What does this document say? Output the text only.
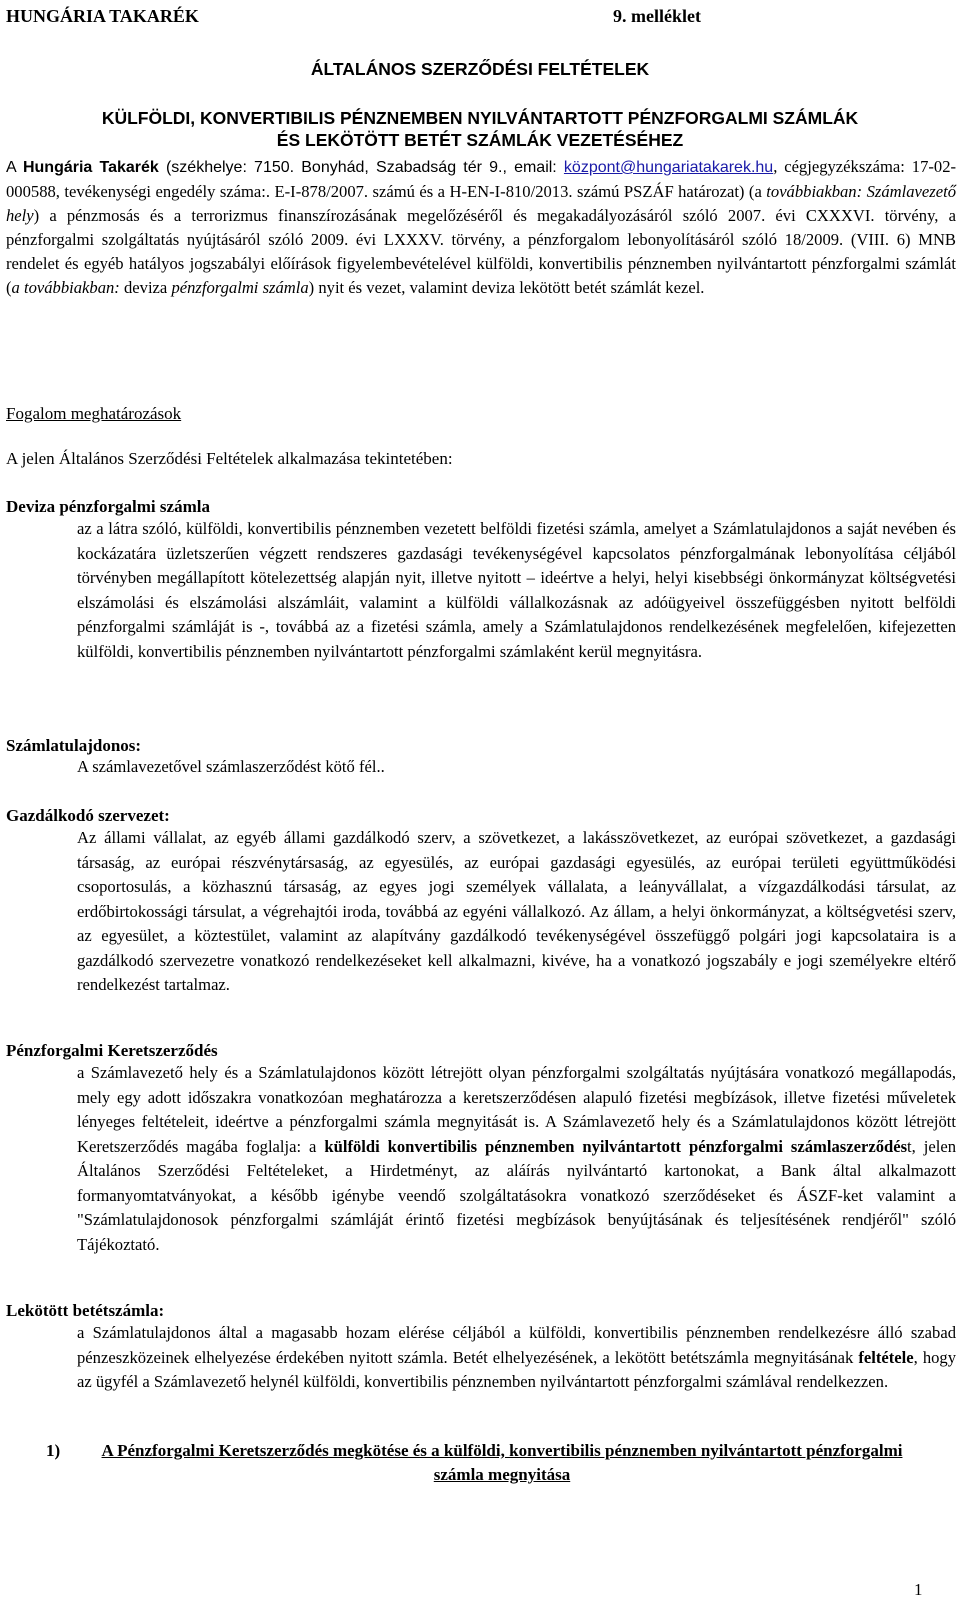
HUNGÁRIA TAKARÉK	9. melléklet
ÁLTALÁNOS SZERZŐDÉSI FELTÉTELEK
KÜLFÖLDI, KONVERTIBILIS PÉNZNEMBEN NYILVÁNTARTOTT PÉNZFORGALMI SZÁMLÁK
ÉS LEKÖTÖTT BETÉT SZÁMLÁK VEZETÉSÉHEZ
A Hungária Takarék (székhelye: 7150. Bonyhád, Szabadság tér 9., email: központ@hungariatakarek.hu, cégjegyzékszáma: 17-02-000588, tevékenységi engedély száma:. E-I-878/2007. számú és a H-EN-I-810/2013. számú PSZÁF határozat) (a továbbiakban: Számlavezető hely) a pénzmosás és a terrorizmus finanszírozásának megelőzéséről és megakadályozásáról szóló 2007. évi CXXXVI. törvény, a pénzforgalmi szolgáltatás nyújtásáról szóló 2009. évi LXXXV. törvény, a pénzforgalom lebonyolításáról szóló 18/2009. (VIII. 6) MNB rendelet és egyéb hatályos jogszabályi előírások figyelembevételével külföldi, konvertibilis pénznemben nyilvántartott pénzforgalmi számlát (a továbbiakban: deviza pénzforgalmi számla) nyit és vezet, valamint deviza lekötött betét számlát kezel.
Fogalom meghatározások
A jelen Általános Szerződési Feltételek alkalmazása tekintetében:
Deviza pénzforgalmi számla
az a látra szóló, külföldi, konvertibilis pénznemben vezetett belföldi fizetési számla, amelyet a Számlatulajdonos a saját nevében és kockázatára üzletszerűen végzett rendszeres gazdasági tevékenységével kapcsolatos pénzforgalmának lebonyolítása céljából törvényben megállapított kötelezettség alapján nyit, illetve nyitott – ideértve a helyi, helyi kisebbségi önkormányzat költségvetési elszámolási és elszámolási alszámláit, valamint a külföldi vállalkozásnak az adóügyeivel összefüggésben nyitott belföldi pénzforgalmi számláját is -, továbbá az a fizetési számla, amely a Számlatulajdonos rendelkezésének megfelelően, kifejezetten külföldi, konvertibilis pénznemben nyilvántartott pénzforgalmi számlaként kerül megnyitásra.
Számlatulajdonos:
A számlavezetővel számlaszerződést kötő fél..
Gazdálkodó szervezet:
Az állami vállalat, az egyéb állami gazdálkodó szerv, a szövetkezet, a lakásszövetkezet, az európai szövetkezet, a gazdasági társaság, az európai részvénytársaság, az egyesülés, az európai gazdasági egyesülés, az európai területi együttműködési csoportosulás, a közhasznú társaság, az egyes jogi személyek vállalata, a leányvállalat, a vízgazdálkodási társulat, az erdőbirtokossági társulat, a végrehajtói iroda, továbbá az egyéni vállalkozó. Az állam, a helyi önkormányzat, a költségvetési szerv, az egyesület, a köztestület, valamint az alapítvány gazdálkodó tevékenységével összefüggő polgári jogi kapcsolataira is a gazdálkodó szervezetre vonatkozó rendelkezéseket kell alkalmazni, kivéve, ha a vonatkozó jogszabály e jogi személyekre eltérő rendelkezést tartalmaz.
Pénzforgalmi Keretszerződés
a Számlavezető hely és a Számlatulajdonos között létrejött olyan pénzforgalmi szolgáltatás nyújtására vonatkozó megállapodás, mely egy adott időszakra vonatkozóan meghatározza a keretszerződésen alapuló fizetési megbízások, illetve fizetési műveletek lényeges feltételeit, ideértve a pénzforgalmi számla megnyitását is. A Számlavezető hely és a Számlatulajdonos között létrejött Keretszerződés magába foglalja: a külföldi konvertibilis pénznemben nyilvántartott pénzforgalmi számlaszerződést, jelen Általános Szerződési Feltételeket, a Hirdetményt, az aláírás nyilvántartó kartonokat, a Bank által alkalmazott formanyomtatványokat, a később igénybe veendő szolgáltatásokra vonatkozó szerződéseket és ÁSZF-ket valamint a "Számlatulajdonosok pénzforgalmi számláját érintő fizetési megbízások benyújtásának és teljesítésének rendjéről" szóló Tájékoztató.
Lekötött betétszámla:
a Számlatulajdonos által a magasabb hozam elérése céljából a külföldi, konvertibilis pénznemben rendelkezésre álló szabad pénzeszközeinek elhelyezése érdekében nyitott számla. Betét elhelyezésének, a lekötött betétszámla megnyitásának feltétele, hogy az ügyfél a Számlavezető helynél külföldi, konvertibilis pénznemben nyilvántartott pénzforgalmi számlával rendelkezzen.
1)	A Pénzforgalmi Keretszerződés megkötése és a külföldi, konvertibilis pénznemben nyilvántartott pénzforgalmi számla megnyitása
1
